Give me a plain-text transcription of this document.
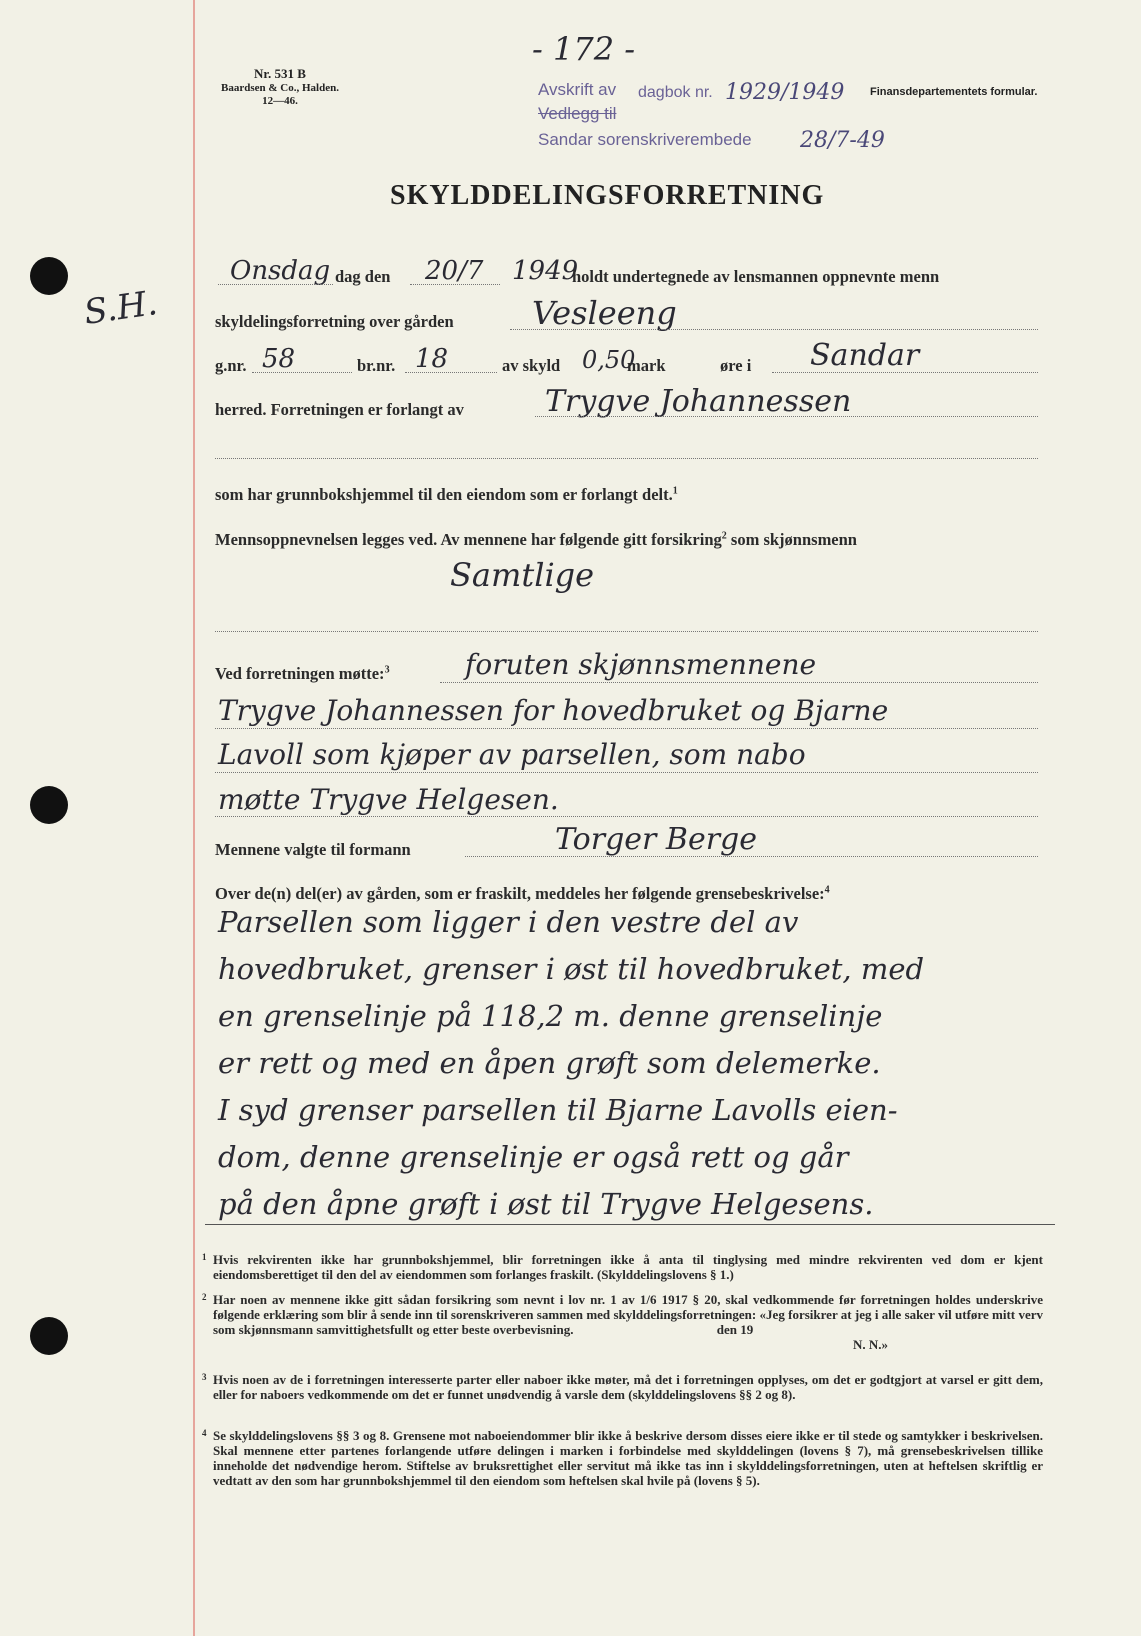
S.H.
- 172 -
Nr. 531 B
Baardsen & Co., Halden.
12—46.
Avskrift av
Vedlegg til
dagbok nr. 1929/1949
Sandar sorenskriverembede 28/7-49
Finansdepartementets formular.
SKYLDDELINGSFORRETNING
Onsdag dag den 20/7 1949
holdt undertegnede av lensmannen oppnevnte menn
skyldelingsforretning over gården Vesleeng
g.nr. 58	br.nr. 18	av skyld 0,50
mark	øre i Sandar
herred. Forretningen er forlangt av	Trygve Johannessen
som har grunnbokshjemmel til den eiendom som er forlangt delt.$^1$
Mennsoppnevnelsen legges ved. Av mennene har følgende gitt forsikring$^2$ som skjønnsmenn
Samtlige
Ved forretningen møtte:$^3$	foruten skjønnsmennene
Trygve Johannessen for hovedbruket og Bjarne
Lavoll som kjøper av parsellen, som nabo
møtte Trygve Helgesen.
Mennene valgte til formann	Torger Berge
Over de(n) del(er) av gården, som er fraskilt, meddeles her følgende grensebeskrivelse:$^4$
Parsellen som ligger i den vestre del av
hovedbruket, grenser i øst til hovedbruket, med
en grenselinje på 118,2 m. denne grenselinje
er rett og med en åpen grøft som delemerke.
I syd grenser parsellen til Bjarne Lavolls eien-
dom, denne grenselinje er også rett og går
på den åpne grøft i øst til Trygve Helgesens.
1 Hvis rekvirenten ikke har grunnbokshjemmel, blir forretningen ikke å anta til tinglysing med mindre rekvirenten ved dom er kjent eiendomsberettiget til den del av eiendommen som forlanges fraskilt. (Skylddelingslovens § 1.)
2 Har noen av mennene ikke gitt sådan forsikring som nevnt i lov nr. 1 av 1/6 1917 § 20, skal vedkommende før forretningen holdes underskrive følgende erklæring som blir å sende inn til sorenskriveren sammen med skylddelingsforretningen: «Jeg forsikrer at jeg i alle saker vil utføre mitt verv som skjønnsmann samvittighetsfullt og etter beste overbevisning.	den 19
N. N.»
3 Hvis noen av de i forretningen interesserte parter eller naboer ikke møter, må det i forretningen opplyses, om det er godtgjort at varsel er gitt dem, eller for naboers vedkommende om det er funnet unødvendig å varsle dem (skylddelingslovens §§ 2 og 8).
4 Se skylddelingslovens §§ 3 og 8. Grensene mot naboeiendommer blir ikke å beskrive dersom disses eiere ikke er til stede og samtykker i beskrivelsen. Skal mennene etter partenes forlangende utføre delingen i marken i forbindelse med skylddelingen (lovens § 7), må grensebeskrivelsen tillike inneholde det nødvendige herom. Stiftelse av bruksrettighet eller servitut må ikke tas inn i skylddelingsforretningen, uten at heftelsen skriftlig er vedtatt av den som har grunnbokshjemmel til den eiendom som heftelsen skal hvile på (lovens § 5).
